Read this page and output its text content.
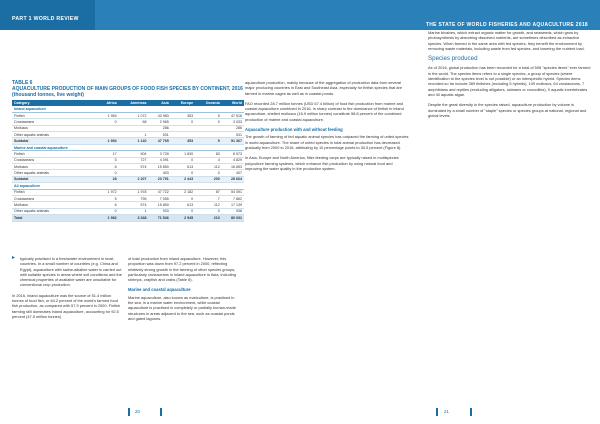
PART 1 WORLD REVIEW
THE STATE OF WORLD FISHERIES AND AQUACULTURE 2018
TABLE 6
AQUACULTURE PRODUCTION OF MAIN GROUPS OF FOOD FISH SPECIES BY CONTINENT, 2016
(thousand tonnes, live weight)
Category	Africa	Americas	Asia	Europe	Oceania	World
Inland aquaculture						
Finfish	1 954	1 072	43 983	353	5	47 516
Crustaceans	0	68	2 965	0	0	3 033
Molluscs			286			286
Other aquatic animals		1	531			531
Subtotal	1 954	1 140	47 765	353	5	51 367
Marine and coastal aquaculture						
Finfish	17	904	3 739	1 830	83	6 573
Crustaceans	5	727	4 091	0	4	4 829
Molluscs	6	574	15 850	613	112	16 853
Other aquatic animals	0		403	0	0	407
Subtotal	28	2 207	23 791	2 443	200	28 664
All aquaculture						
Finfish	1 972	1 978	47 722	2 182	87	54 091
Crustaceans	5	795	7 055	0	7	7 862
Molluscs	6	574	15 850	613	112	17 139
Other aquatic animals	0	1	933	0	0	938
Total	1 982	3 348	71 546	2 945	210	80 031

▸ typically practised in a freshwater environment in most countries. In a small number of countries (e.g. China and Egypt), aquaculture with saline-alkaline water is carried out with suitable species in areas where soil conditions and the chemical properties of available water are unsuitable for conventional crop production.

In 2016, inland aquaculture was the source of 51.4 million tonnes of food fish, or 64.2 percent of the world's farmed food fish production, as compared with 57.9 percent in 2000. Finfish farming still dominates inland aquaculture, accounting for 92.5 percent (47.5 million tonnes)

of total production from inland aquaculture. However, this proportion was down from 97.2 percent in 2000, reflecting relatively strong growth in the farming of other species groups, particularly crustaceans in inland aquaculture in Asia, including shrimps, crayfish and crabs (Table 6).

Marine and coastal aquaculture

Marine aquaculture, also known as mariculture, is practised in the sea, in a marine water environment, while coastal aquaculture is practised in completely or partially human-made structures in areas adjacent to the sea, such as coastal ponds and gated lagoons.

aquaculture production, mainly because of the aggregation of production data from several major producing countries in East and Southeast Asia, especially for finfish species that are farmed in marine cages as well as in coastal ponds.

FAO recorded 28.7 million tonnes (USD 67.4 billion) of food fish production from marine and coastal aquaculture combined in 2016. In sharp contrast to the dominance of finfish in inland aquaculture, shelled molluscs (16.9 million tonnes) constitute 58.8 percent of the combined production of marine and coastal aquaculture.

Aquaculture production with and without feeding

The growth of farming of fed aquatic animal species has outpaced the farming of unfed species in world aquaculture. The share of unfed species in total animal production has decreased gradually from 2000 to 2016, attributing by 10 percentage points to 30.5 percent (Figure 8).

In Asia, Europe and North America, filter-feeding carps are typically raised in multispecies polyculture farming systems, which enhance fish production by using natural food and improving the water quality in the production system.

Marine bivalves, which extract organic matter for growth, and seaweeds, which grow by photosynthesis by absorbing dissolved nutrients, are sometimes described as extractive species. When farmed in the same area with fed species, they benefit the environment by removing waste materials, including waste from fed species, and lowering the nutrient load.

Species produced

As of 2016, global production has been recorded for a total of 598 "species items" ever farmed in the world. The species items refers to a single species, a group of species (where identification to the species level is not possible) or an interspecific hybrid. Species items recorded so far include 369 finfishes (including 5 hybrids), 109 molluscs, 64 crustaceans, 7 amphibians and reptiles (excluding alligators, caimans or crocodiles), 9 aquatic invertebrates and 40 aquatic algae.

Despite the great diversity in the species raised, aquaculture production by volume is dominated by a small number of "staple" species or species groups at national, regional and global levels.

20	21
